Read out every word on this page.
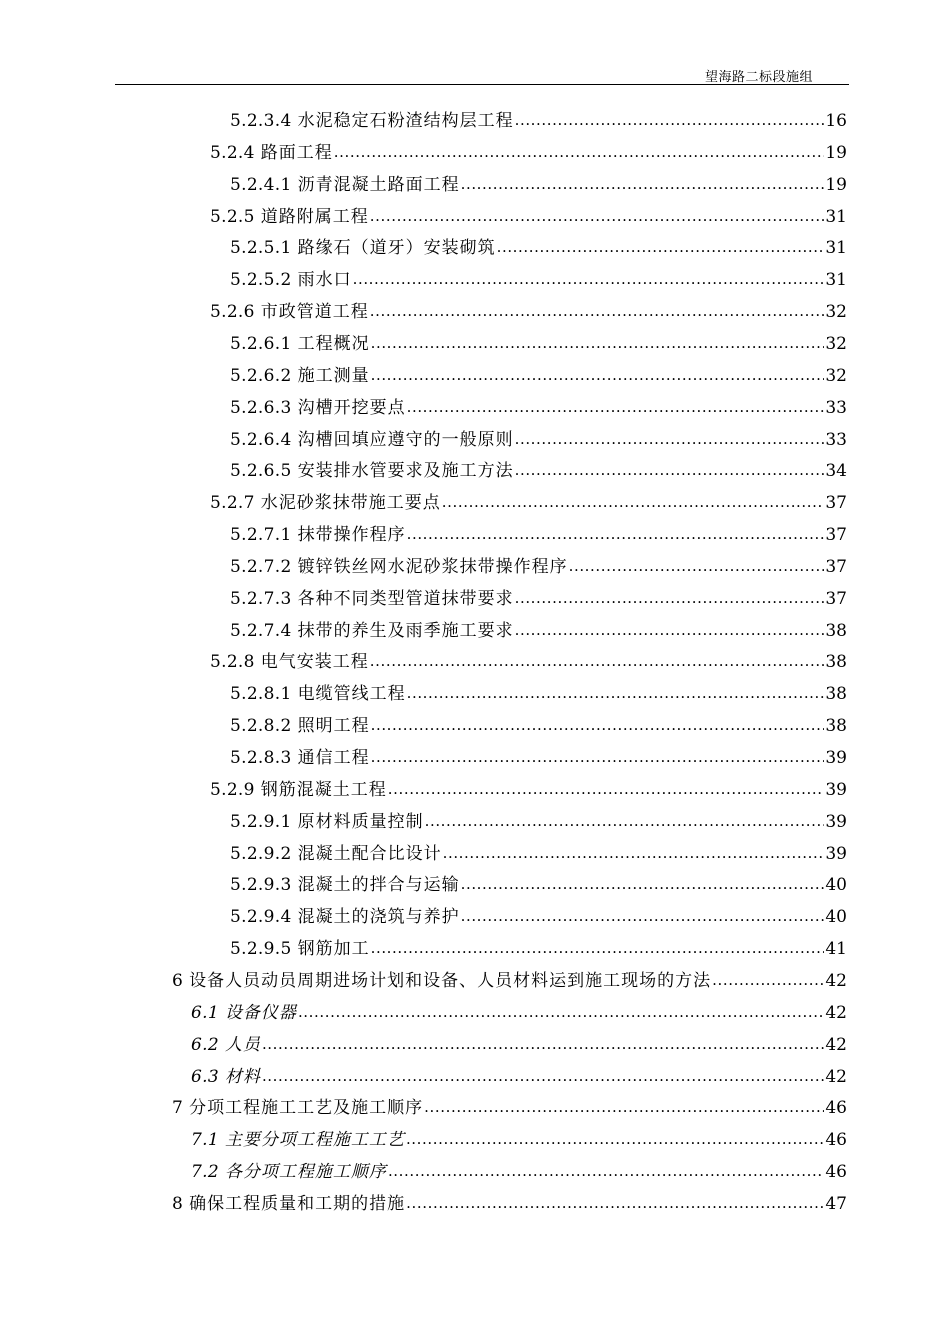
望海路二标段施组
5.2.3.4 水泥稳定石粉渣结构层工程 .....	16
5.2.4 路面工程 .....	19
5.2.4.1 沥青混凝土路面工程 .....	19
5.2.5 道路附属工程 .....	31
5.2.5.1 路缘石（道牙）安装砌筑 .....	31
5.2.5.2 雨水口 .....	31
5.2.6 市政管道工程 .....	32
5.2.6.1 工程概况 .....	32
5.2.6.2 施工测量 .....	32
5.2.6.3 沟槽开挖要点 .....	33
5.2.6.4 沟槽回填应遵守的一般原则 .....	33
5.2.6.5 安装排水管要求及施工方法 .....	34
5.2.7 水泥砂浆抹带施工要点 .....	37
5.2.7.1 抹带操作程序 .....	37
5.2.7.2 镀锌铁丝网水泥砂浆抹带操作程序 .....	37
5.2.7.3 各种不同类型管道抹带要求 .....	37
5.2.7.4 抹带的养生及雨季施工要求 .....	38
5.2.8 电气安装工程 .....	38
5.2.8.1 电缆管线工程 .....	38
5.2.8.2 照明工程 .....	38
5.2.8.3 通信工程 .....	39
5.2.9 钢筋混凝土工程 .....	39
5.2.9.1 原材料质量控制 .....	39
5.2.9.2 混凝土配合比设计 .....	39
5.2.9.3 混凝土的拌合与运输 .....	40
5.2.9.4 混凝土的浇筑与养护 .....	40
5.2.9.5 钢筋加工 .....	41
6 设备人员动员周期进场计划和设备、人员材料运到施工现场的方法 .....	42
6.1 设备仪器 .....	42
6.2 人员 .....	42
6.3 材料 .....	42
7 分项工程施工工艺及施工顺序 .....	46
7.1 主要分项工程施工工艺 .....	46
7.2 各分项工程施工顺序 .....	46
8 确保工程质量和工期的措施 .....	47
